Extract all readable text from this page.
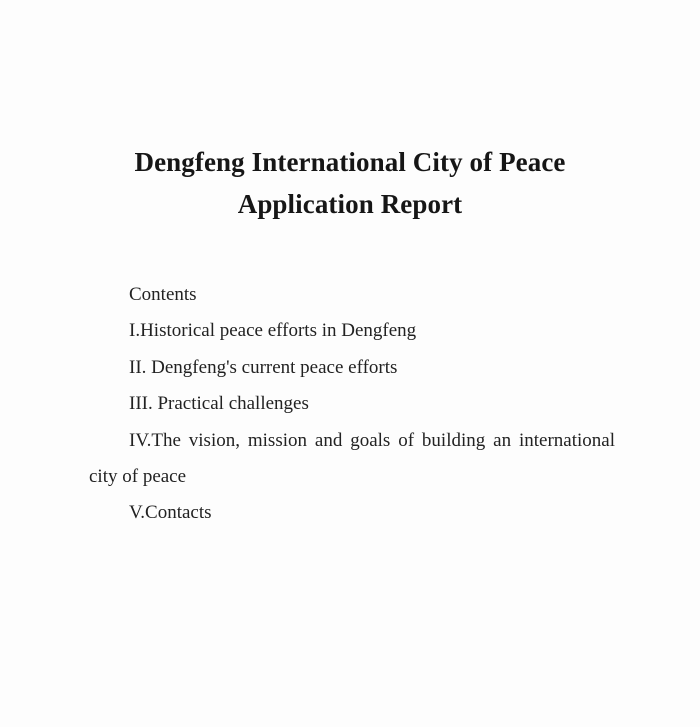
Dengfeng International City of Peace
Application Report
Contents
I.Historical peace efforts in Dengfeng
II. Dengfeng's current peace efforts
III. Practical challenges
IV.The vision, mission and goals of building an international
city of peace
V.Contacts
